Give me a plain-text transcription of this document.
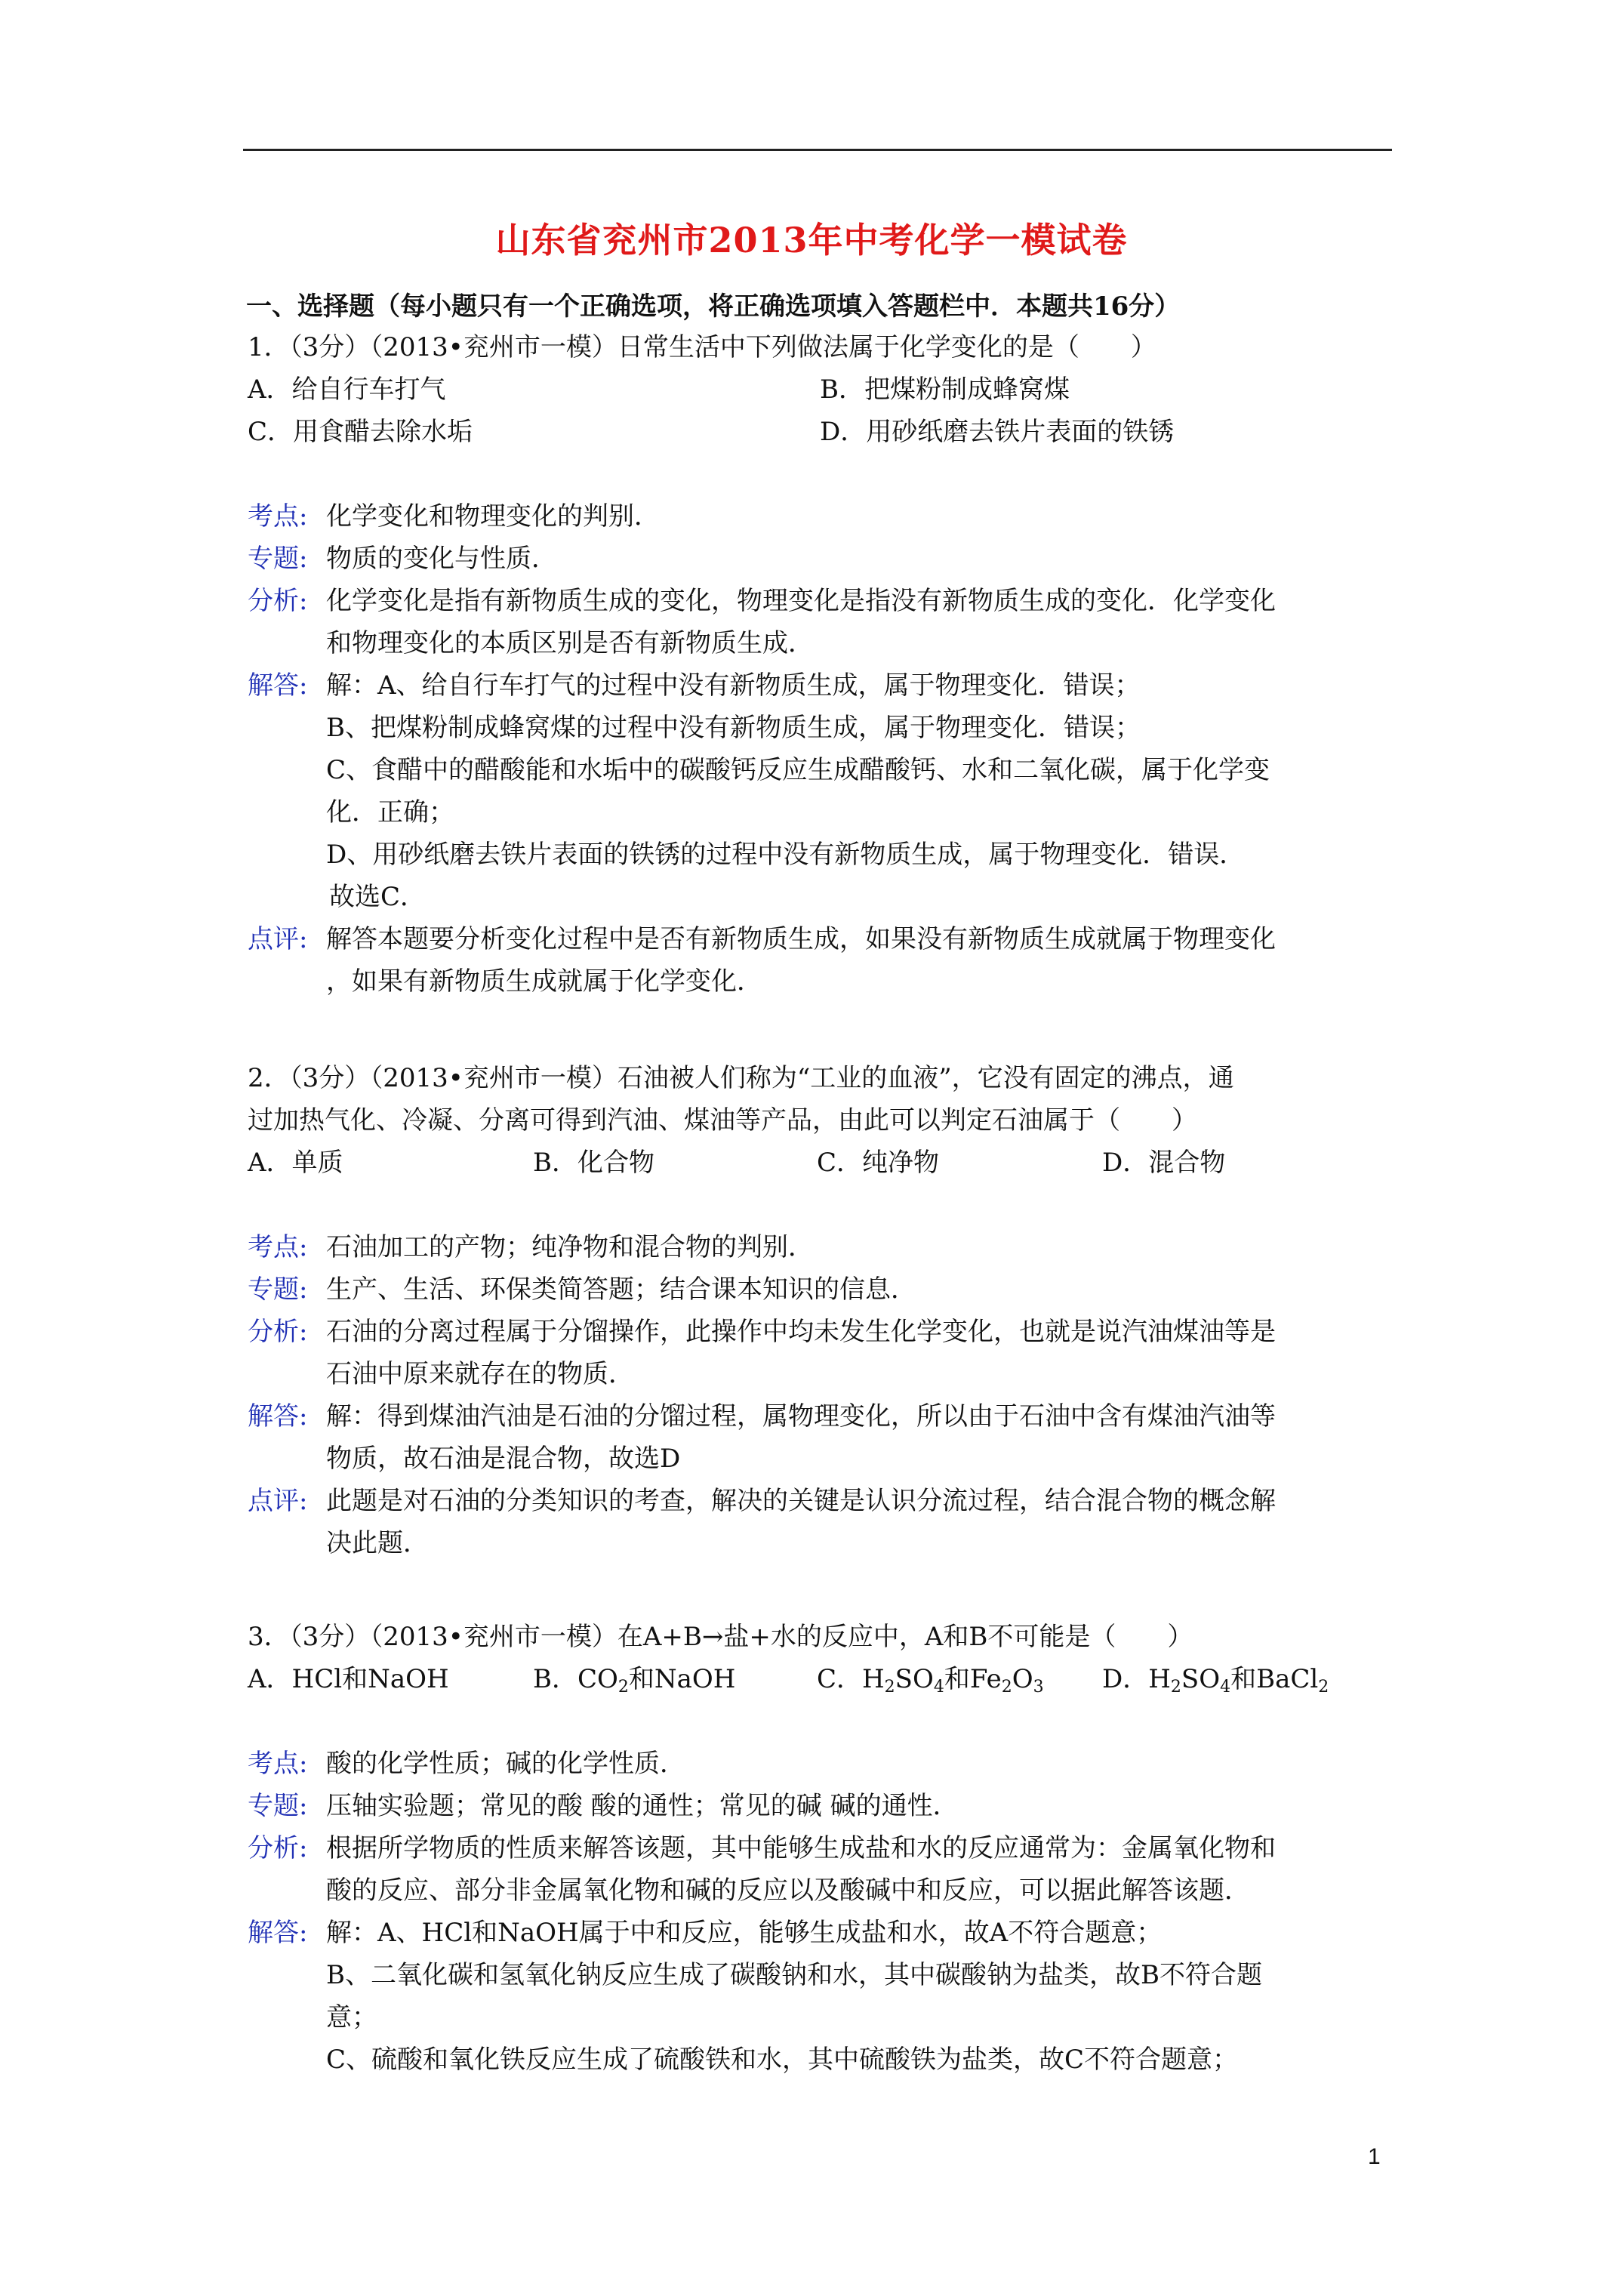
山东省兖州市2013年中考化学一模试卷
一、选择题（每小题只有一个正确选项，将正确选项填入答题栏中．本题共16分）

1．（3分）（2013•兖州市一模）日常生活中下列做法属于化学变化的是（　　）

A．给自行车打气	B．把煤粉制成蜂窝煤
C．用食醋去除水垢	D．用砂纸磨去铁片表面的铁锈
考点: 化学变化和物理变化的判别．

专题: 物质的变化与性质．

分析: 化学变化是指有新物质生成的变化，物理变化是指没有新物质生成的变化．化学变化

和物理变化的本质区别是否有新物质生成．

解答: 解：A、给自行车打气的过程中没有新物质生成，属于物理变化．错误；

B、把煤粉制成蜂窝煤的过程中没有新物质生成，属于物理变化．错误；

C、食醋中的醋酸能和水垢中的碳酸钙反应生成醋酸钙、水和二氧化碳，属于化学变

化．正确；

D、用砂纸磨去铁片表面的铁锈的过程中没有新物质生成，属于物理变化．错误．

故选C．

点评: 解答本题要分析变化过程中是否有新物质生成，如果没有新物质生成就属于物理变化

，如果有新物质生成就属于化学变化．

2．（3分）（2013•兖州市一模）石油被人们称为“工业的血液”，它没有固定的沸点，通

过加热气化、冷凝、分离可得到汽油、煤油等产品，由此可以判定石油属于（　　）

A．单质	B．化合物	C．纯净物	D．混合物
考点: 石油加工的产物；纯净物和混合物的判别．

专题: 生产、生活、环保类简答题；结合课本知识的信息．

分析: 石油的分离过程属于分馏操作，此操作中均未发生化学变化，也就是说汽油煤油等是

石油中原来就存在的物质．

解答: 解：得到煤油汽油是石油的分馏过程，属物理变化，所以由于石油中含有煤油汽油等

物质，故石油是混合物，故选D

点评: 此题是对石油的分类知识的考查，解决的关键是认识分流过程，结合混合物的概念解

决此题．

3．（3分）（2013•兖州市一模）在A+B→盐+水的反应中，A和B不可能是（　　）

A．HCl和NaOH	B．$CO_2$和NaOH	C．$H_2SO_4$和$Fe_2O_3$ D．$H_2SO_4$和BaCl$_2$
考点: 酸的化学性质；碱的化学性质．

专题: 压轴实验题；常见的酸 酸的通性；常见的碱 碱的通性．

分析: 根据所学物质的性质来解答该题，其中能够生成盐和水的反应通常为：金属氧化物和

酸的反应、部分非金属氧化物和碱的反应以及酸碱中和反应，可以据此解答该题．

解答: 解：A、HCl和NaOH属于中和反应，能够生成盐和水，故A不符合题意；

B、二氧化碳和氢氧化钠反应生成了碳酸钠和水，其中碳酸钠为盐类，故B不符合题

意；

C、硫酸和氧化铁反应生成了硫酸铁和水，其中硫酸铁为盐类，故C不符合题意；

1
